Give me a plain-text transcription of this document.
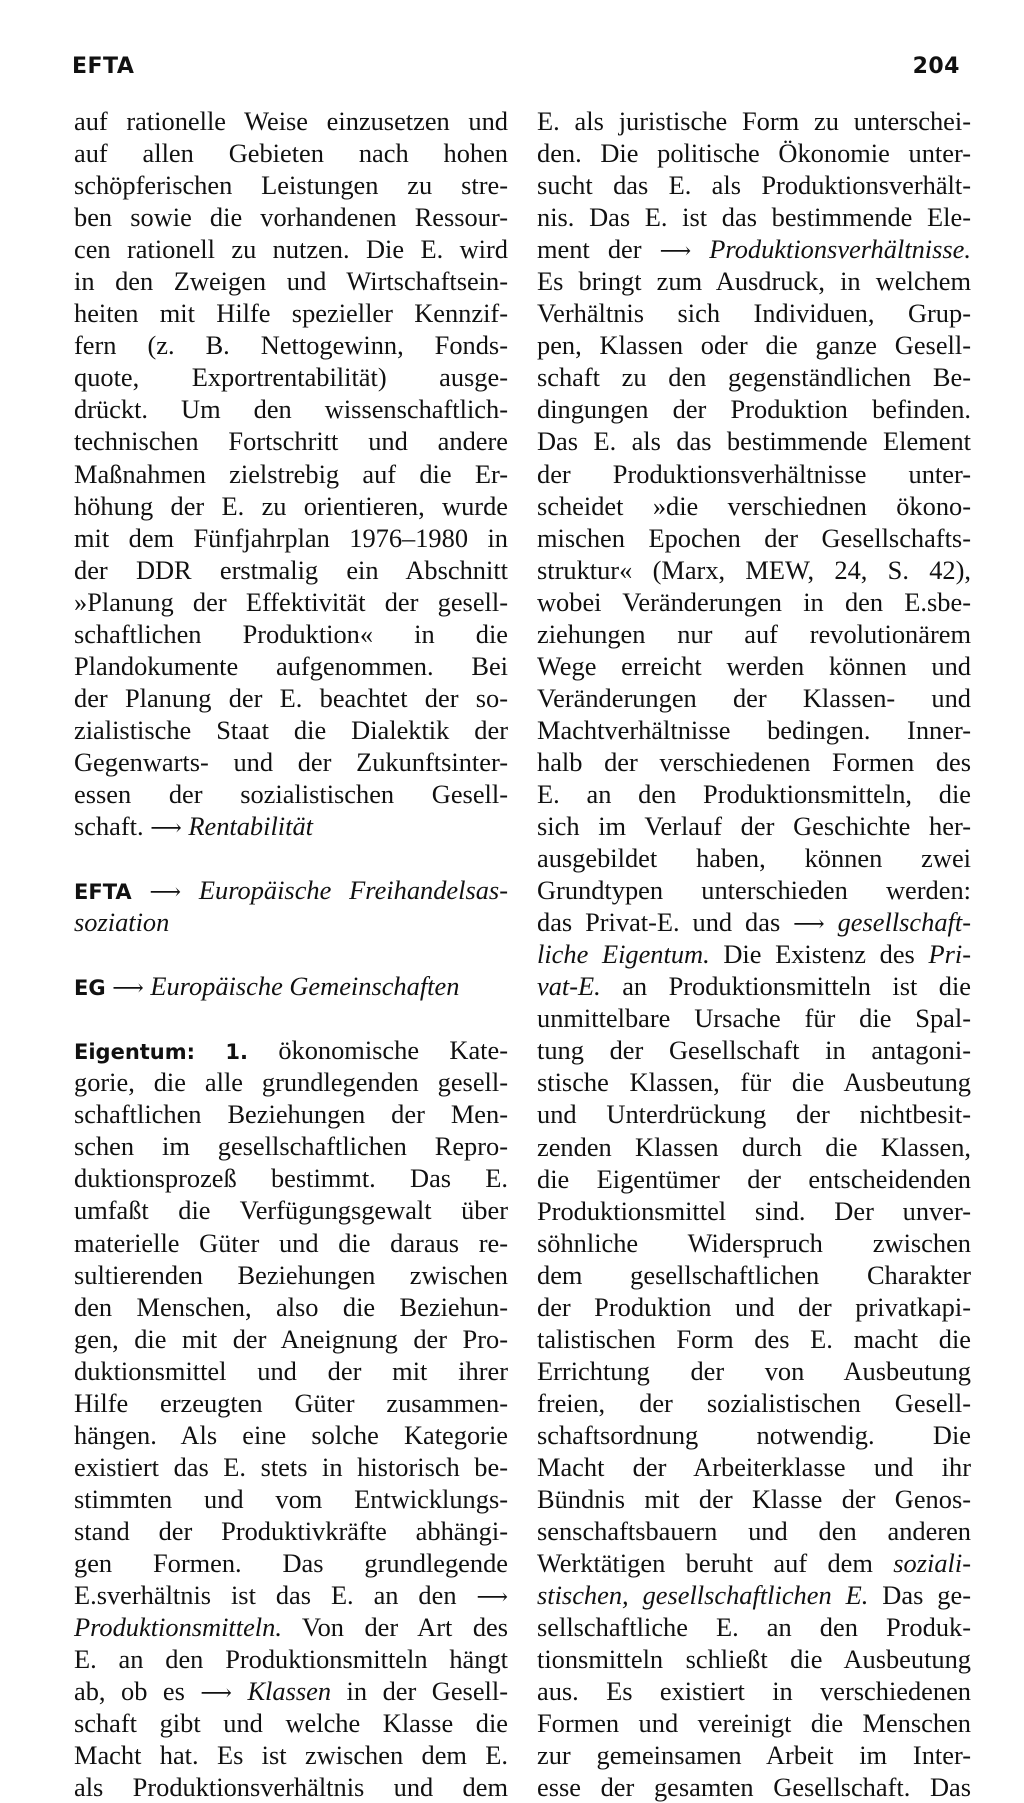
EFTA	204
auf rationelle Weise einzusetzen und
auf allen Gebieten nach hohen
schöpferischen Leistungen zu stre-
ben sowie die vorhandenen Ressour-
cen rationell zu nutzen. Die E. wird
in den Zweigen und Wirtschaftsein-
heiten mit Hilfe spezieller Kennzif-
fern (z. B. Nettogewinn, Fonds-
quote, Exportrentabilität) ausge-
drückt. Um den wissenschaftlich-
technischen Fortschritt und andere
Maßnahmen zielstrebig auf die Er-
höhung der E. zu orientieren, wurde
mit dem Fünfjahrplan 1976–1980 in
der DDR erstmalig ein Abschnitt
»Planung der Effektivität der gesell-
schaftlichen Produktion« in die
Plandokumente aufgenommen. Bei
der Planung der E. beachtet der so-
zialistische Staat die Dialektik der
Gegenwarts- und der Zukunftsinter-
essen der sozialistischen Gesell-
schaft. ⟶ Rentabilität
EFTA ⟶ Europäische Freihandelsas-
soziation
EG ⟶ Europäische Gemeinschaften
Eigentum: 1. ökonomische Kate-
gorie, die alle grundlegenden gesell-
schaftlichen Beziehungen der Men-
schen im gesellschaftlichen Repro-
duktionsprozeß bestimmt. Das E.
umfaßt die Verfügungsgewalt über
materielle Güter und die daraus re-
sultierenden Beziehungen zwischen
den Menschen, also die Beziehun-
gen, die mit der Aneignung der Pro-
duktionsmittel und der mit ihrer
Hilfe erzeugten Güter zusammen-
hängen. Als eine solche Kategorie
existiert das E. stets in historisch be-
stimmten und vom Entwicklungs-
stand der Produktivkräfte abhängi-
gen Formen. Das grundlegende
E.sverhältnis ist das E. an den ⟶
Produktionsmitteln. Von der Art des
E. an den Produktionsmitteln hängt
ab, ob es ⟶ Klassen in der Gesell-
schaft gibt und welche Klasse die
Macht hat. Es ist zwischen dem E.
als Produktionsverhältnis und dem
E. als juristische Form zu unterschei-
den. Die politische Ökonomie unter-
sucht das E. als Produktionsverhält-
nis. Das E. ist das bestimmende Ele-
ment der ⟶ Produktionsverhältnisse.
Es bringt zum Ausdruck, in welchem
Verhältnis sich Individuen, Grup-
pen, Klassen oder die ganze Gesell-
schaft zu den gegenständlichen Be-
dingungen der Produktion befinden.
Das E. als das bestimmende Element
der Produktionsverhältnisse unter-
scheidet »die verschiednen ökono-
mischen Epochen der Gesellschafts-
struktur« (Marx, MEW, 24, S. 42),
wobei Veränderungen in den E.sbe-
ziehungen nur auf revolutionärem
Wege erreicht werden können und
Veränderungen der Klassen- und
Machtverhältnisse bedingen. Inner-
halb der verschiedenen Formen des
E. an den Produktionsmitteln, die
sich im Verlauf der Geschichte her-
ausgebildet haben, können zwei
Grundtypen unterschieden werden:
das Privat-E. und das ⟶ gesellschaft-
liche Eigentum. Die Existenz des Pri-
vat-E. an Produktionsmitteln ist die
unmittelbare Ursache für die Spal-
tung der Gesellschaft in antagoni-
stische Klassen, für die Ausbeutung
und Unterdrückung der nichtbesit-
zenden Klassen durch die Klassen,
die Eigentümer der entscheidenden
Produktionsmittel sind. Der unver-
söhnliche Widerspruch zwischen
dem gesellschaftlichen Charakter
der Produktion und der privatkapi-
talistischen Form des E. macht die
Errichtung der von Ausbeutung
freien, der sozialistischen Gesell-
schaftsordnung notwendig. Die
Macht der Arbeiterklasse und ihr
Bündnis mit der Klasse der Genos-
senschaftsbauern und den anderen
Werktätigen beruht auf dem soziali-
stischen, gesellschaftlichen E. Das ge-
sellschaftliche E. an den Produk-
tionsmitteln schließt die Ausbeutung
aus. Es existiert in verschiedenen
Formen und vereinigt die Menschen
zur gemeinsamen Arbeit im Inter-
esse der gesamten Gesellschaft. Das
